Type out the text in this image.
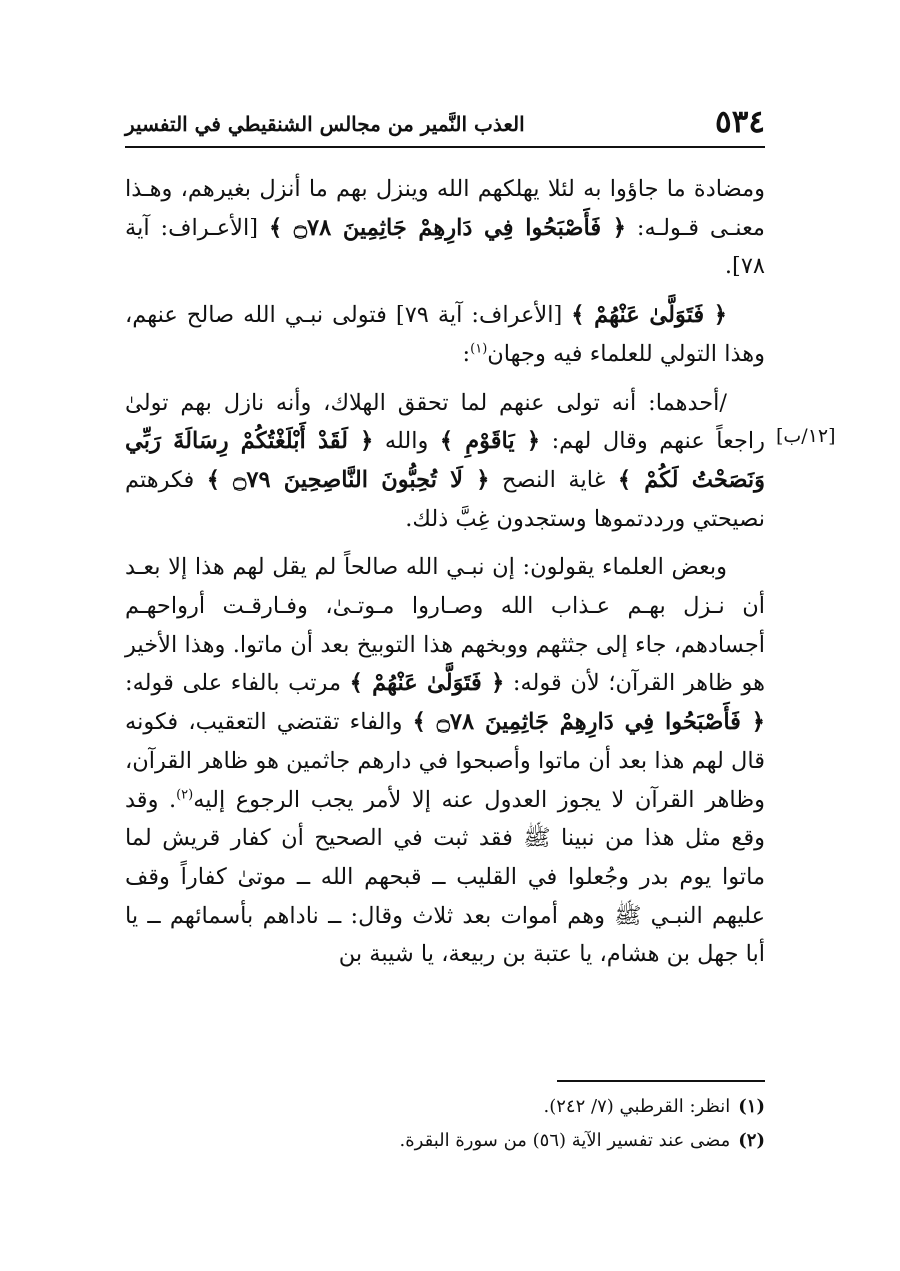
٥٣٤
العذب النَّمير من مجالس الشنقيطي في التفسير
[١٢/ب]

ومضادة ما جاؤوا به لئلا يهلكهم الله وينزل بهم ما أنزل بغيرهم، وهـذا معنـى قـولـه: ﴿ فَأَصْبَحُوا فِي دَارِهِمْ جَاثِمِينَ ۝٧٨ ﴾ [الأعـراف: آية ٧٨].

﴿ فَتَوَلَّىٰ عَنْهُمْ ﴾ [الأعراف: آية ٧٩] فتولى نبـي الله صالح عنهم، وهذا التولي للعلماء فيه وجهان$^{(١)}$:

/أحدهما: أنه تولى عنهم لما تحقق الهلاك، وأنه نازل بهم تولىٰ راجعاً عنهم وقال لهم: ﴿ يَاقَوْمِ ﴾ والله ﴿ لَقَدْ أَبْلَغْتُكُمْ رِسَالَةَ رَبِّي وَنَصَحْتُ لَكُمْ ﴾ غاية النصح ﴿ لَا تُحِبُّونَ النَّاصِحِينَ ۝٧٩ ﴾ فكرهتم نصيحتي ورددتموها وستجدون غِبَّ ذلك.

وبعض العلماء يقولون: إن نبـي الله صالحاً لم يقل لهم هذا إلا بعـد أن نـزل بهـم عـذاب الله وصـاروا مـوتـىٰ، وفـارقـت أرواحهـم أجسادهم، جاء إلى جثثهم ووبخهم هذا التوبيخ بعد أن ماتوا. وهذا الأخير هو ظاهر القرآن؛ لأن قوله: ﴿ فَتَوَلَّىٰ عَنْهُمْ ﴾ مرتب بالفاء على قوله: ﴿ فَأَصْبَحُوا فِي دَارِهِمْ جَاثِمِينَ ۝٧٨ ﴾ والفاء تقتضي التعقيب، فكونه قال لهم هذا بعد أن ماتوا وأصبحوا في دارهم جاثمين هو ظاهر القرآن، وظاهر القرآن لا يجوز العدول عنه إلا لأمر يجب الرجوع إليه$^{(٢)}$. وقد وقع مثل هذا من نبينا ﷺ فقد ثبت في الصحيح أن كفار قريش لما ماتوا يوم بدر وجُعلوا في القليب ــ قبحهم الله ــ موتىٰ كفاراً وقف عليهم النبـي ﷺ وهم أموات بعد ثلاث وقال: ــ ناداهم بأسمائهم ــ يا أبا جهل بن هشام، يا عتبة بن ربيعة، يا شيبة بن

(١)انظر: القرطبي (٧/ ٢٤٢).

(٢)مضى عند تفسير الآية (٥٦) من سورة البقرة.
